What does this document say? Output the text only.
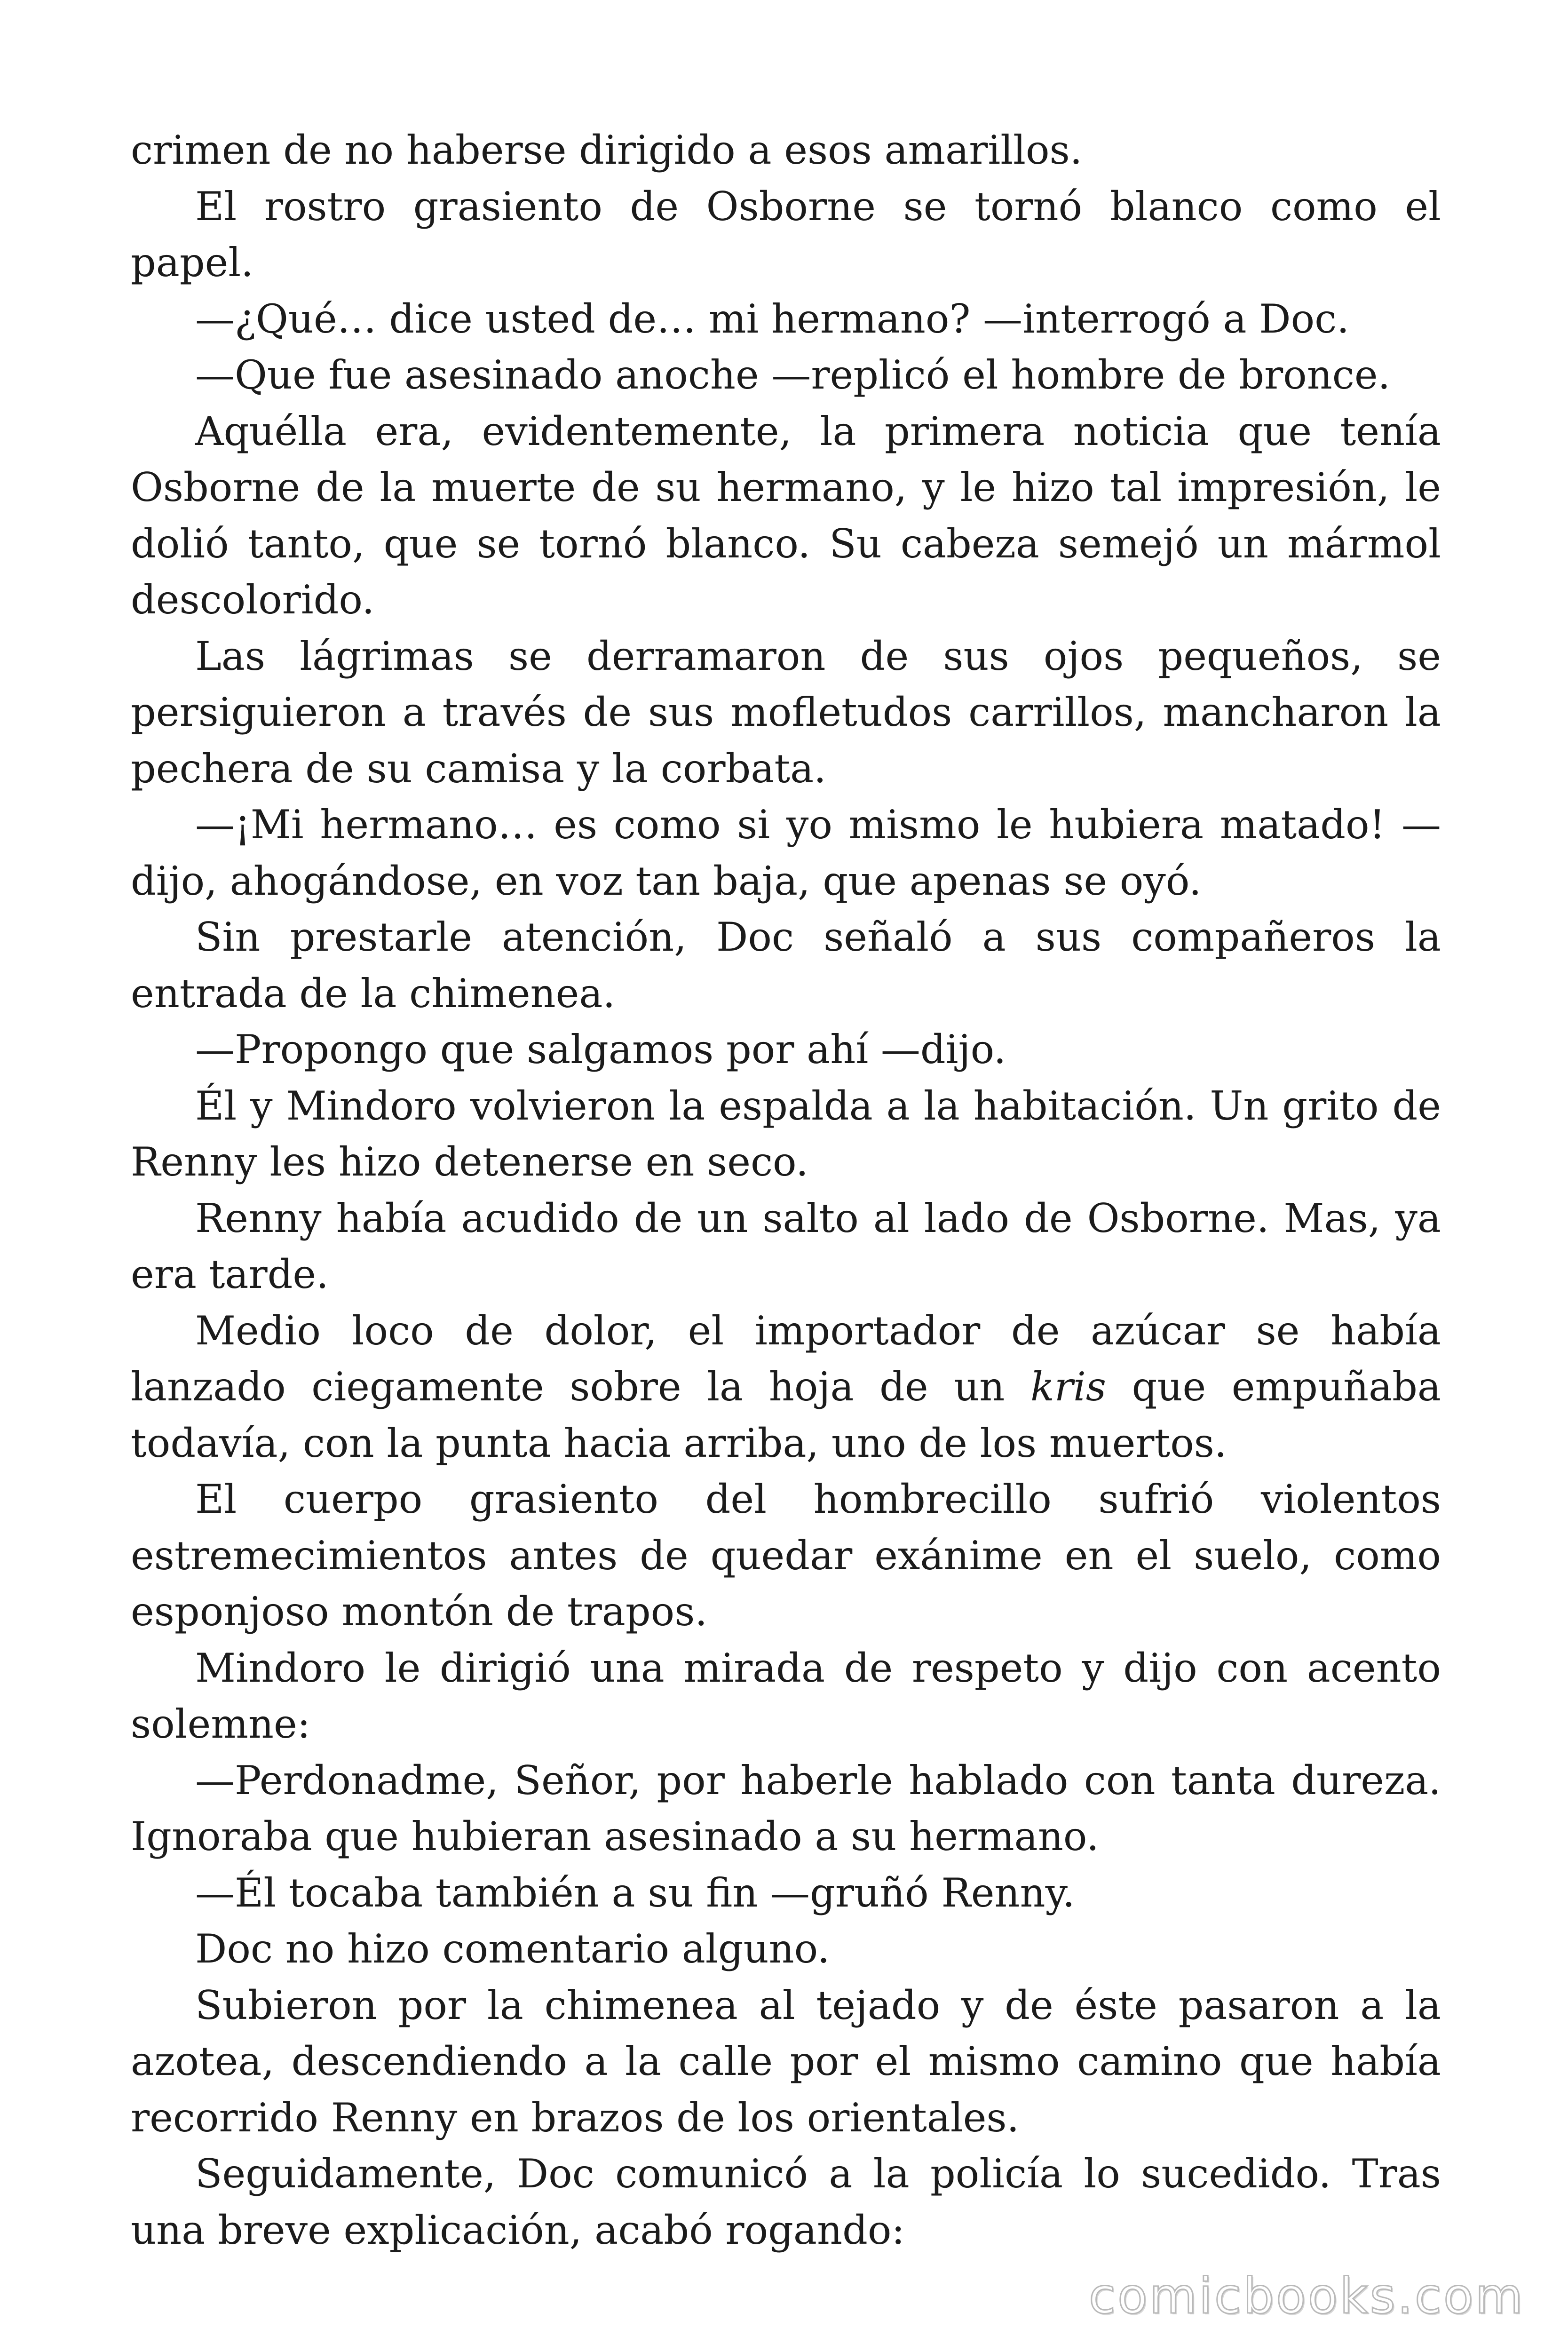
crimen de no haberse dirigido a esos amarillos.

El rostro grasiento de Osborne se tornó blanco como el papel.

—¿Qué… dice usted de… mi hermano? —interrogó a Doc.

—Que fue asesinado anoche —replicó el hombre de bronce.

Aquélla era, evidentemente, la primera noticia que tenía Osborne de la muerte de su hermano, y le hizo tal impresión, le dolió tanto, que se tornó blanco. Su cabeza semejó un mármol descolorido.

Las lágrimas se derramaron de sus ojos pequeños, se persiguieron a través de sus mofletudos carrillos, mancharon la pechera de su camisa y la corbata.

—¡Mi hermano… es como si yo mismo le hubiera matado! —dijo, ahogándose, en voz tan baja, que apenas se oyó.

Sin prestarle atención, Doc señaló a sus compañeros la entrada de la chimenea.

—Propongo que salgamos por ahí —dijo.

Él y Mindoro volvieron la espalda a la habitación. Un grito de Renny les hizo detenerse en seco.

Renny había acudido de un salto al lado de Osborne. Mas, ya era tarde.

Medio loco de dolor, el importador de azúcar se había lanzado ciegamente sobre la hoja de un kris que empuñaba todavía, con la punta hacia arriba, uno de los muertos.

El cuerpo grasiento del hombrecillo sufrió violentos estremecimientos antes de quedar exánime en el suelo, como esponjoso montón de trapos.

Mindoro le dirigió una mirada de respeto y dijo con acento solemne:

—Perdonadme, Señor, por haberle hablado con tanta dureza. Ignoraba que hubieran asesinado a su hermano.

—Él tocaba también a su fin —gruñó Renny.

Doc no hizo comentario alguno.

Subieron por la chimenea al tejado y de éste pasaron a la azotea, descendiendo a la calle por el mismo camino que había recorrido Renny en brazos de los orientales.

Seguidamente, Doc comunicó a la policía lo sucedido. Tras una breve explicación, acabó rogando:

comicbooks.com
